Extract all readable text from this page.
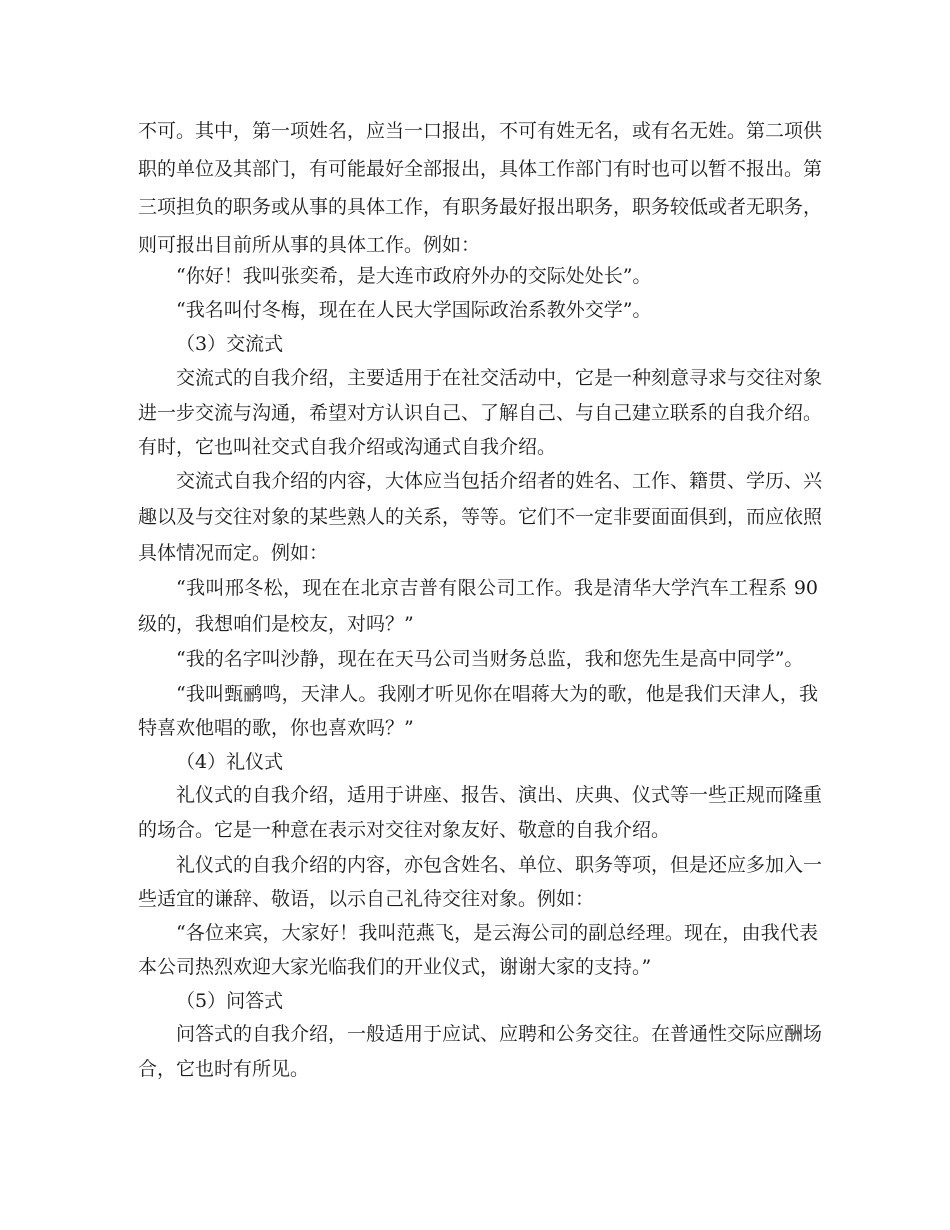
不可。其中，第一项姓名，应当一口报出，不可有姓无名，或有名无姓。第二项供
职的单位及其部门，有可能最好全部报出，具体工作部门有时也可以暂不报出。第
三项担负的职务或从事的具体工作，有职务最好报出职务，职务较低或者无职务，
则可报出目前所从事的具体工作。例如：
“你好！我叫张奕希，是大连市政府外办的交际处处长”。
“我名叫付冬梅，现在在人民大学国际政治系教外交学”。
（3）交流式
交流式的自我介绍，主要适用于在社交活动中，它是一种刻意寻求与交往对象
进一步交流与沟通，希望对方认识自己、了解自己、与自己建立联系的自我介绍。
有时，它也叫社交式自我介绍或沟通式自我介绍。
交流式自我介绍的内容，大体应当包括介绍者的姓名、工作、籍贯、学历、兴
趣以及与交往对象的某些熟人的关系，等等。它们不一定非要面面俱到，而应依照
具体情况而定。例如：
“我叫邢冬松，现在在北京吉普有限公司工作。我是清华大学汽车工程系 90
级的，我想咱们是校友，对吗？”
“我的名字叫沙静，现在在天马公司当财务总监，我和您先生是高中同学”。
“我叫甄鹂鸣，天津人。我刚才听见你在唱蒋大为的歌，他是我们天津人，我
特喜欢他唱的歌，你也喜欢吗？”
（4）礼仪式
礼仪式的自我介绍，适用于讲座、报告、演出、庆典、仪式等一些正规而隆重
的场合。它是一种意在表示对交往对象友好、敬意的自我介绍。
礼仪式的自我介绍的内容，亦包含姓名、单位、职务等项，但是还应多加入一
些适宜的谦辞、敬语，以示自己礼待交往对象。例如：
“各位来宾，大家好！我叫范燕飞，是云海公司的副总经理。现在，由我代表
本公司热烈欢迎大家光临我们的开业仪式，谢谢大家的支持。”
（5）问答式
问答式的自我介绍，一般适用于应试、应聘和公务交往。在普通性交际应酬场
合，它也时有所见。
